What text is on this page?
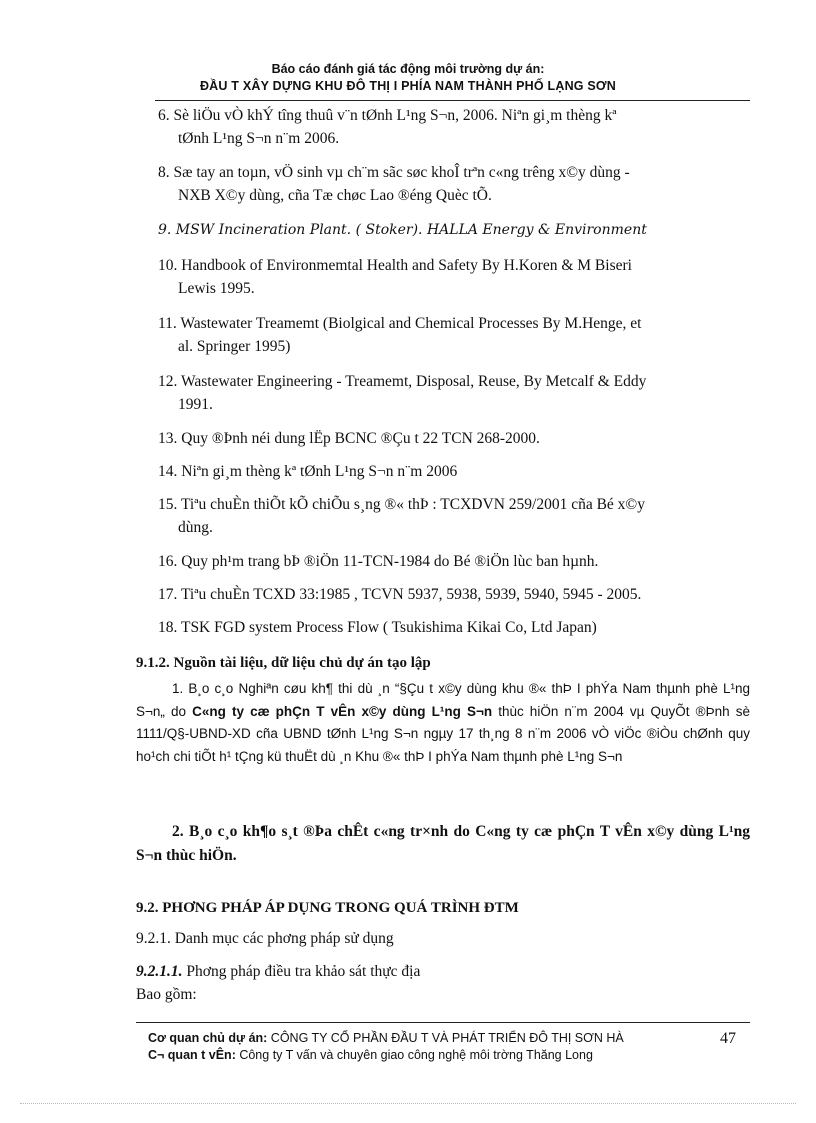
Báo cáo đánh giá tác động môi trường dự án:
ĐẦU T XÂY DỰNG KHU ĐÔ THỊ I PHÍA NAM THÀNH PHỐ LẠNG SƠN
6. Sè liÖu vÒ khÝ tîng thuû v¨n tØnh L¹ng S¬n, 2006. Niªn gi¸m thèng kª
tØnh L¹ng S¬n n¨m 2006.
8. Sæ tay an toµn, vÖ sinh vµ ch¨m sãc søc khoÎ trªn c«ng trêng x©y dùng -
NXB X©y dùng, cña Tæ chøc Lao ®éng Quèc tÕ.
9. MSW Incineration Plant. ( Stoker). HALLA Energy & Environment
10. Handbook of Environmemtal Health and Safety By H.Koren & M Biseri
Lewis 1995.
11. Wastewater Treamemt (Biolgical and Chemical Processes By M.Henge, et
al. Springer 1995)
12. Wastewater Engineering - Treamemt, Disposal, Reuse, By Metcalf & Eddy
1991.
13. Quy ®Þnh néi dung lËp BCNC ®Çu t 22 TCN 268-2000.
14. Niªn gi¸m thèng kª tØnh L¹ng S¬n n¨m 2006
15. Tiªu chuÈn thiÕt kÕ chiÕu s¸ng ®« thÞ : TCXDVN 259/2001 cña Bé x©y
dùng.
16. Quy ph¹m trang bÞ ®iÖn 11-TCN-1984 do Bé ®iÖn lùc ban hµnh.
17. Tiªu chuÈn TCXD 33:1985 , TCVN 5937, 5938, 5939, 5940, 5945 - 2005.
18. TSK FGD system Process Flow ( Tsukishima Kikai Co, Ltd Japan)
9.1.2. Nguồn tài liệu, dữ liệu chủ dự án tạo lập
1. B¸o c¸o Nghiªn cøu kh¶ thi dù ¸n “§Çu t x©y dùng khu ®« thÞ I phÝa Nam thµnh phè L¹ng S¬n„ do C«ng ty cæ phÇn T vÊn x©y dùng L¹ng S¬n thùc hiÖn n¨m 2004 vµ QuyÕt ®Þnh sè 1111/Q§-UBND-XD cña UBND tØnh L¹ng S¬n ngµy 17 th¸ng 8 n¨m 2006 vÒ viÖc ®iÒu chØnh quy ho¹ch chi tiÕt h¹ tÇng kü thuËt dù ¸n Khu ®« thÞ I phÝa Nam thµnh phè L¹ng S¬n
2. B¸o c¸o kh¶o s¸t ®Þa chÊt c«ng tr×nh do C«ng ty cæ phÇn T vÊn x©y dùng L¹ng S¬n thùc hiÖn.
9.2. PHƠNG PHÁP ÁP DỤNG TRONG QUÁ TRÌNH ĐTM
9.2.1. Danh mục các phơng pháp sử dụng
9.2.1.1. Phơng pháp điều tra khảo sát thực địa
Bao gồm:
Cơ quan chủ dự án: CÔNG TY CỔ PHẦN ĐẦU T VÀ PHÁT TRIỂN ĐÔ THỊ SƠN HÀ
C¬ quan t vÊn: Công ty T vấn và chuyên giao công nghệ môi trờng Thăng Long
47
